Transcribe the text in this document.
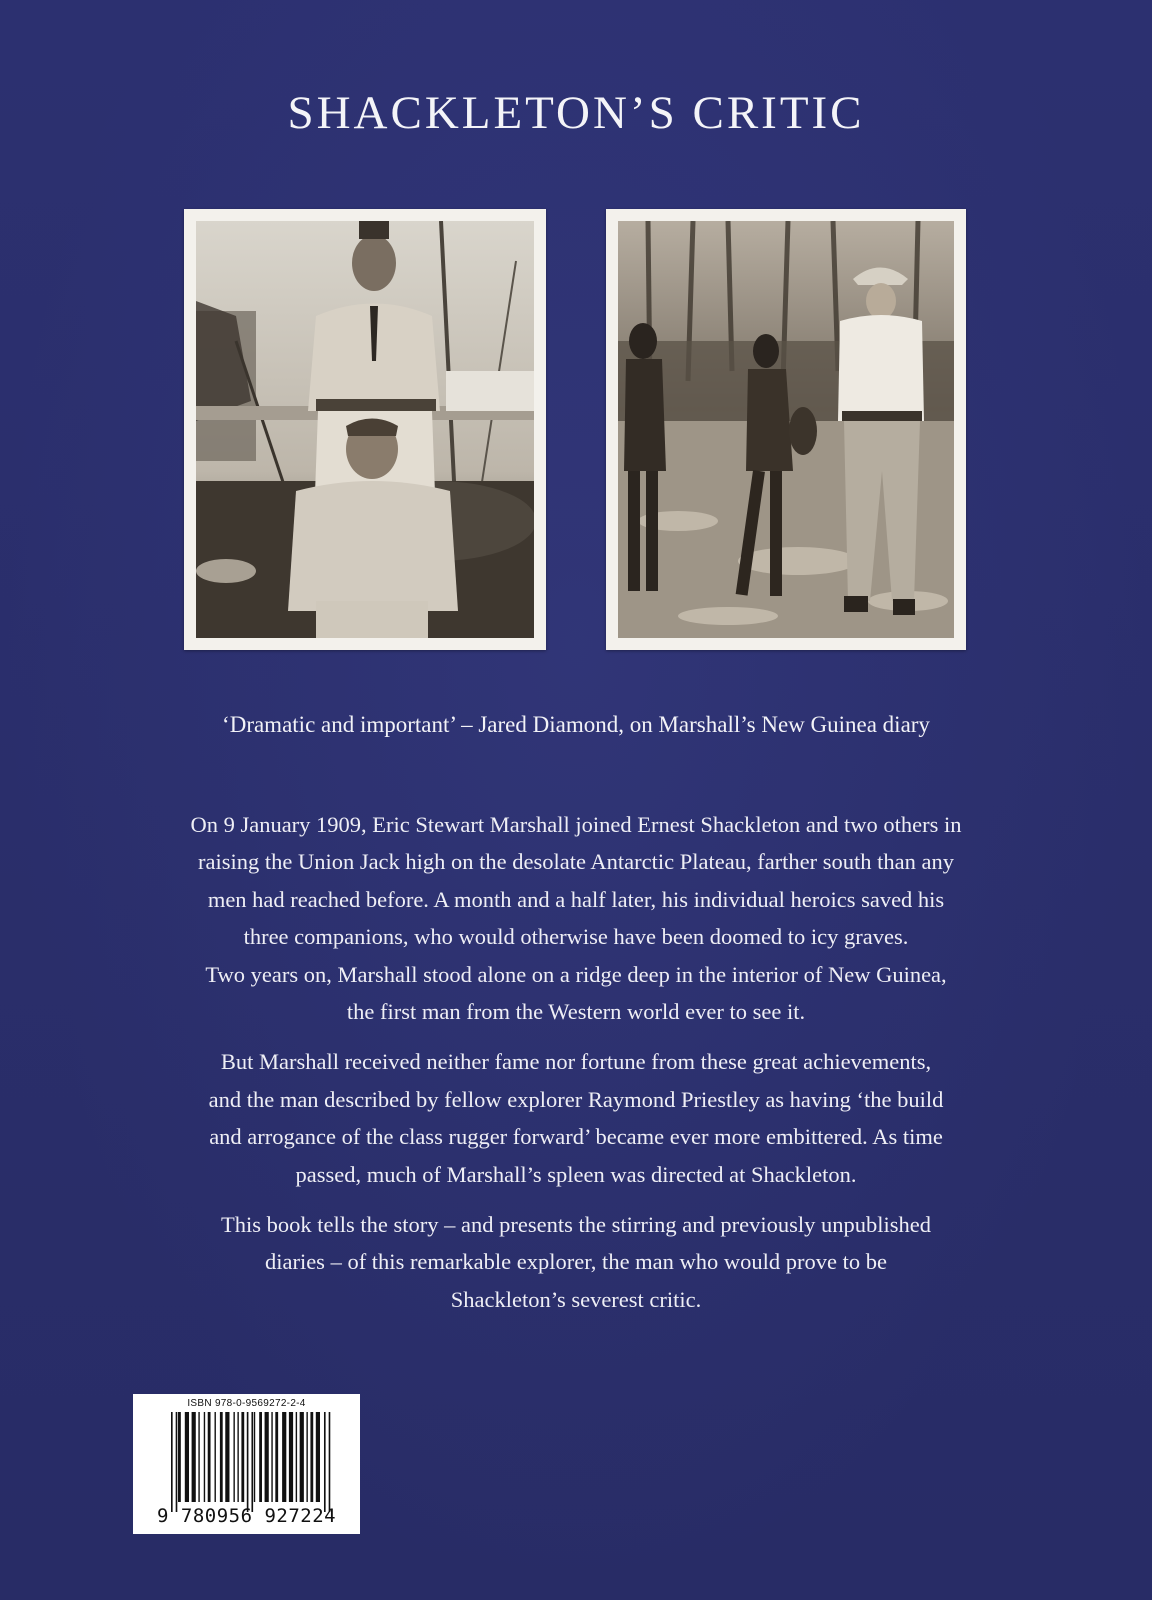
SHACKLETON’S CRITIC
‘Dramatic and important’ – Jared Diamond, on Marshall’s New Guinea diary

On 9 January 1909, Eric Stewart Marshall joined Ernest Shackleton and two others in
raising the Union Jack high on the desolate Antarctic Plateau, farther south than any
men had reached before. A month and a half later, his individual heroics saved his
three companions, who would otherwise have been doomed to icy graves.
Two years on, Marshall stood alone on a ridge deep in the interior of New Guinea,
the first man from the Western world ever to see it.

But Marshall received neither fame nor fortune from these great achievements,
and the man described by fellow explorer Raymond Priestley as having ‘the build
and arrogance of the class rugger forward’ became ever more embittered. As time
passed, much of Marshall’s spleen was directed at Shackleton.

This book tells the story – and presents the stirring and previously unpublished
diaries – of this remarkable explorer, the man who would prove to be
Shackleton’s severest critic.

ISBN 978-0-9569272-2-4
9 780956 927224
